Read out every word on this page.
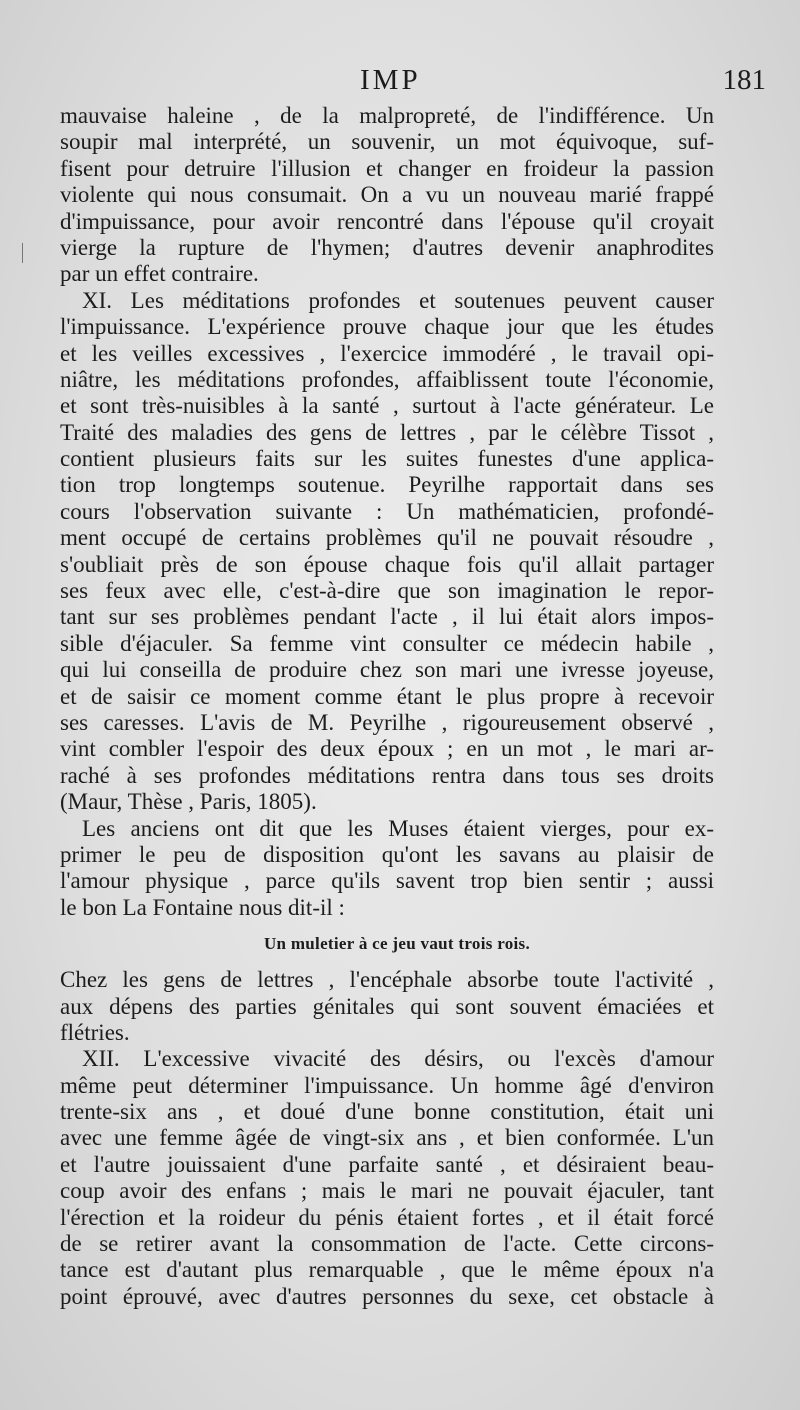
IMP	181
mauvaise haleine , de la malpropreté, de l'indifférence. Un
soupir mal interprété, un souvenir, un mot équivoque, suf-
fisent pour detruire l'illusion et changer en froideur la passion
violente qui nous consumait. On a vu un nouveau marié frappé
d'impuissance, pour avoir rencontré dans l'épouse qu'il croyait
vierge la rupture de l'hymen; d'autres devenir anaphrodites
par un effet contraire.
XI. Les méditations profondes et soutenues peuvent causer
l'impuissance. L'expérience prouve chaque jour que les études
et les veilles excessives , l'exercice immodéré , le travail opi-
niâtre, les méditations profondes, affaiblissent toute l'économie,
et sont très-nuisibles à la santé , surtout à l'acte générateur. Le
Traité des maladies des gens de lettres , par le célèbre Tissot ,
contient plusieurs faits sur les suites funestes d'une applica-
tion trop longtemps soutenue. Peyrilhe rapportait dans ses
cours l'observation suivante : Un mathématicien, profondé-
ment occupé de certains problèmes qu'il ne pouvait résoudre ,
s'oubliait près de son épouse chaque fois qu'il allait partager
ses feux avec elle, c'est-à-dire que son imagination le repor-
tant sur ses problèmes pendant l'acte , il lui était alors impos-
sible d'éjaculer. Sa femme vint consulter ce médecin habile ,
qui lui conseilla de produire chez son mari une ivresse joyeuse,
et de saisir ce moment comme étant le plus propre à recevoir
ses caresses. L'avis de M. Peyrilhe , rigoureusement observé ,
vint combler l'espoir des deux époux ; en un mot , le mari ar-
raché à ses profondes méditations rentra dans tous ses droits
(Maur, Thèse , Paris, 1805).
Les anciens ont dit que les Muses étaient vierges, pour ex-
primer le peu de disposition qu'ont les savans au plaisir de
l'amour physique , parce qu'ils savent trop bien sentir ; aussi
le bon La Fontaine nous dit-il :
Un muletier à ce jeu vaut trois rois.
Chez les gens de lettres , l'encéphale absorbe toute l'activité ,
aux dépens des parties génitales qui sont souvent émaciées et
flétries.
XII. L'excessive vivacité des désirs, ou l'excès d'amour
même peut déterminer l'impuissance. Un homme âgé d'environ
trente-six ans , et doué d'une bonne constitution, était uni
avec une femme âgée de vingt-six ans , et bien conformée. L'un
et l'autre jouissaient d'une parfaite santé , et désiraient beau-
coup avoir des enfans ; mais le mari ne pouvait éjaculer, tant
l'érection et la roideur du pénis étaient fortes , et il était forcé
de se retirer avant la consommation de l'acte. Cette circons-
tance est d'autant plus remarquable , que le même époux n'a
point éprouvé, avec d'autres personnes du sexe, cet obstacle à
